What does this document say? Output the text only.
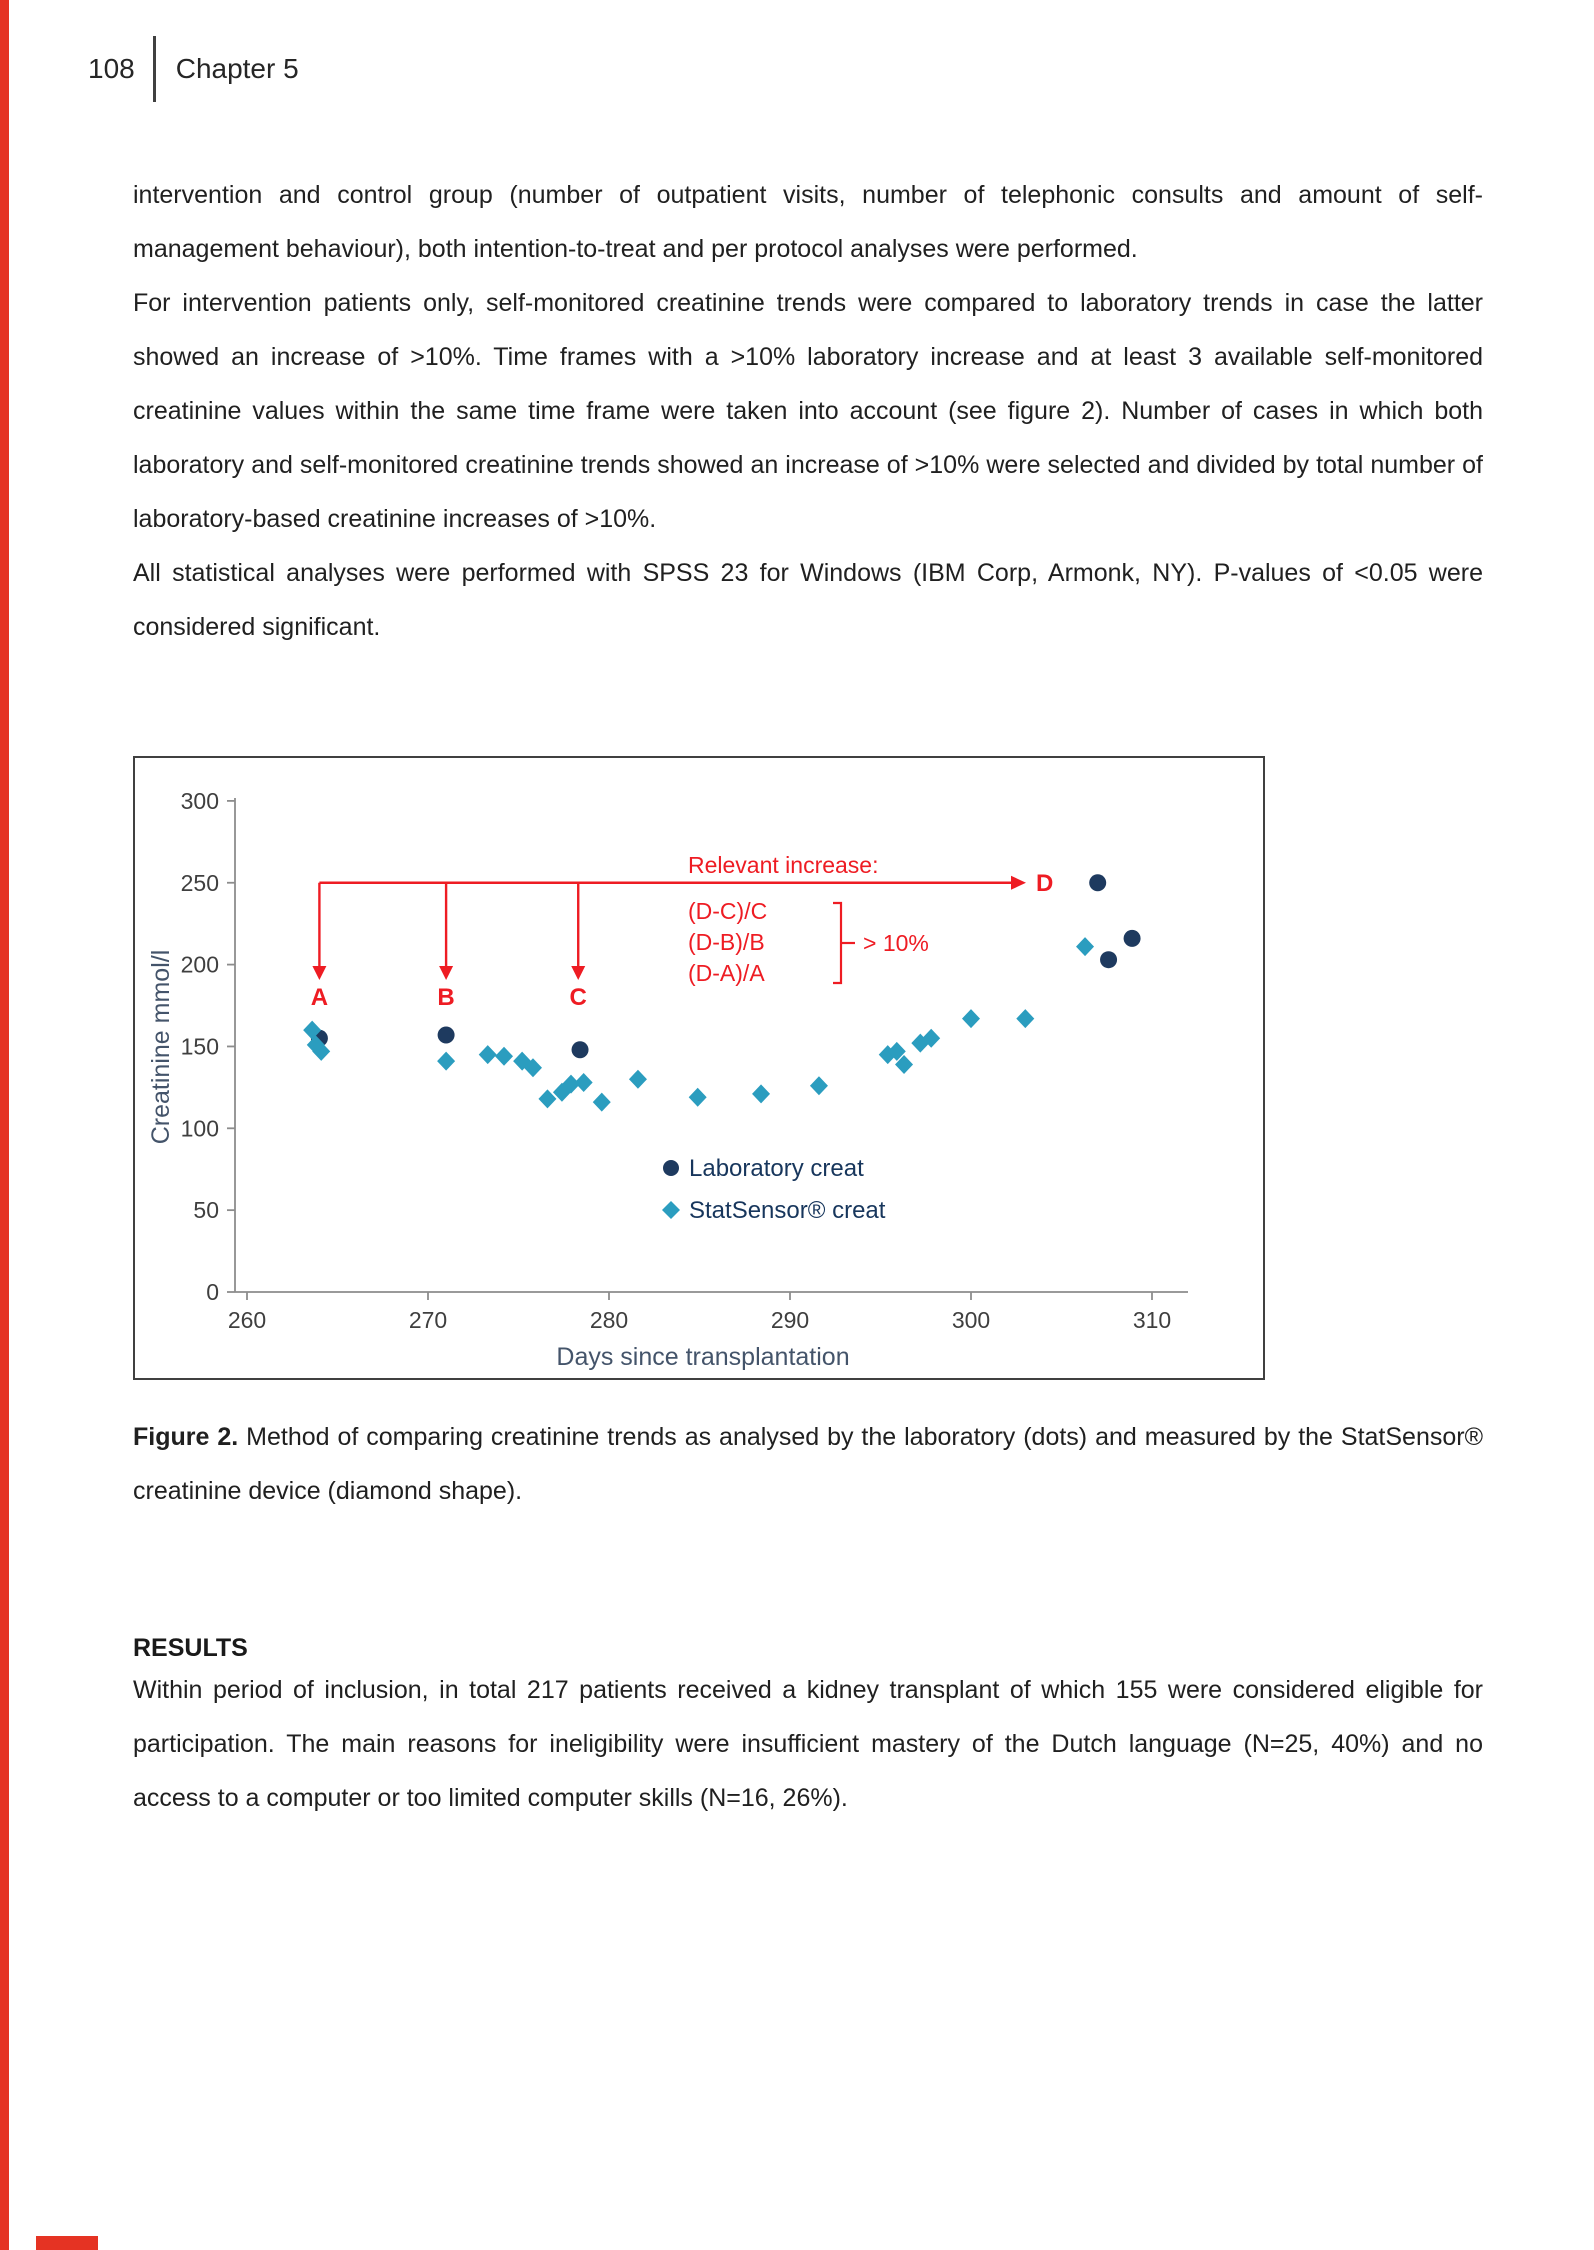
108 Chapter 5

intervention and control group (number of outpatient visits, number of telephonic consults and amount of self-management behaviour), both intention-to-treat and per protocol analyses were performed.

For intervention patients only, self-monitored creatinine trends were compared to laboratory trends in case the latter showed an increase of >10%. Time frames with a >10% laboratory increase and at least 3 available self-monitored creatinine values within the same time frame were taken into account (see figure 2). Number of cases in which both laboratory and self-monitored creatinine trends showed an increase of >10% were selected and divided by total number of laboratory-based creatinine increases of >10%.

All statistical analyses were performed with SPSS 23 for Windows (IBM Corp, Armonk, NY). P-values of <0.05 were considered significant.

0
50
100
150
200
250
300
260	270	280	290	300	310
Days since transplantation
Creatinine mmol/l
Relevant increase:
D
A	B	C
(D-C)/C
(D-B)/B
(D-A)/A
> 10%
Laboratory creat
StatSensor® creat

Figure 2. Method of comparing creatinine trends as analysed by the laboratory (dots) and measured by the StatSensor® creatinine device (diamond shape).

RESULTS

Within period of inclusion, in total 217 patients received a kidney transplant of which 155 were considered eligible for participation. The main reasons for ineligibility were insufficient mastery of the Dutch language (N=25, 40%) and no access to a computer or too limited computer skills (N=16, 26%).
